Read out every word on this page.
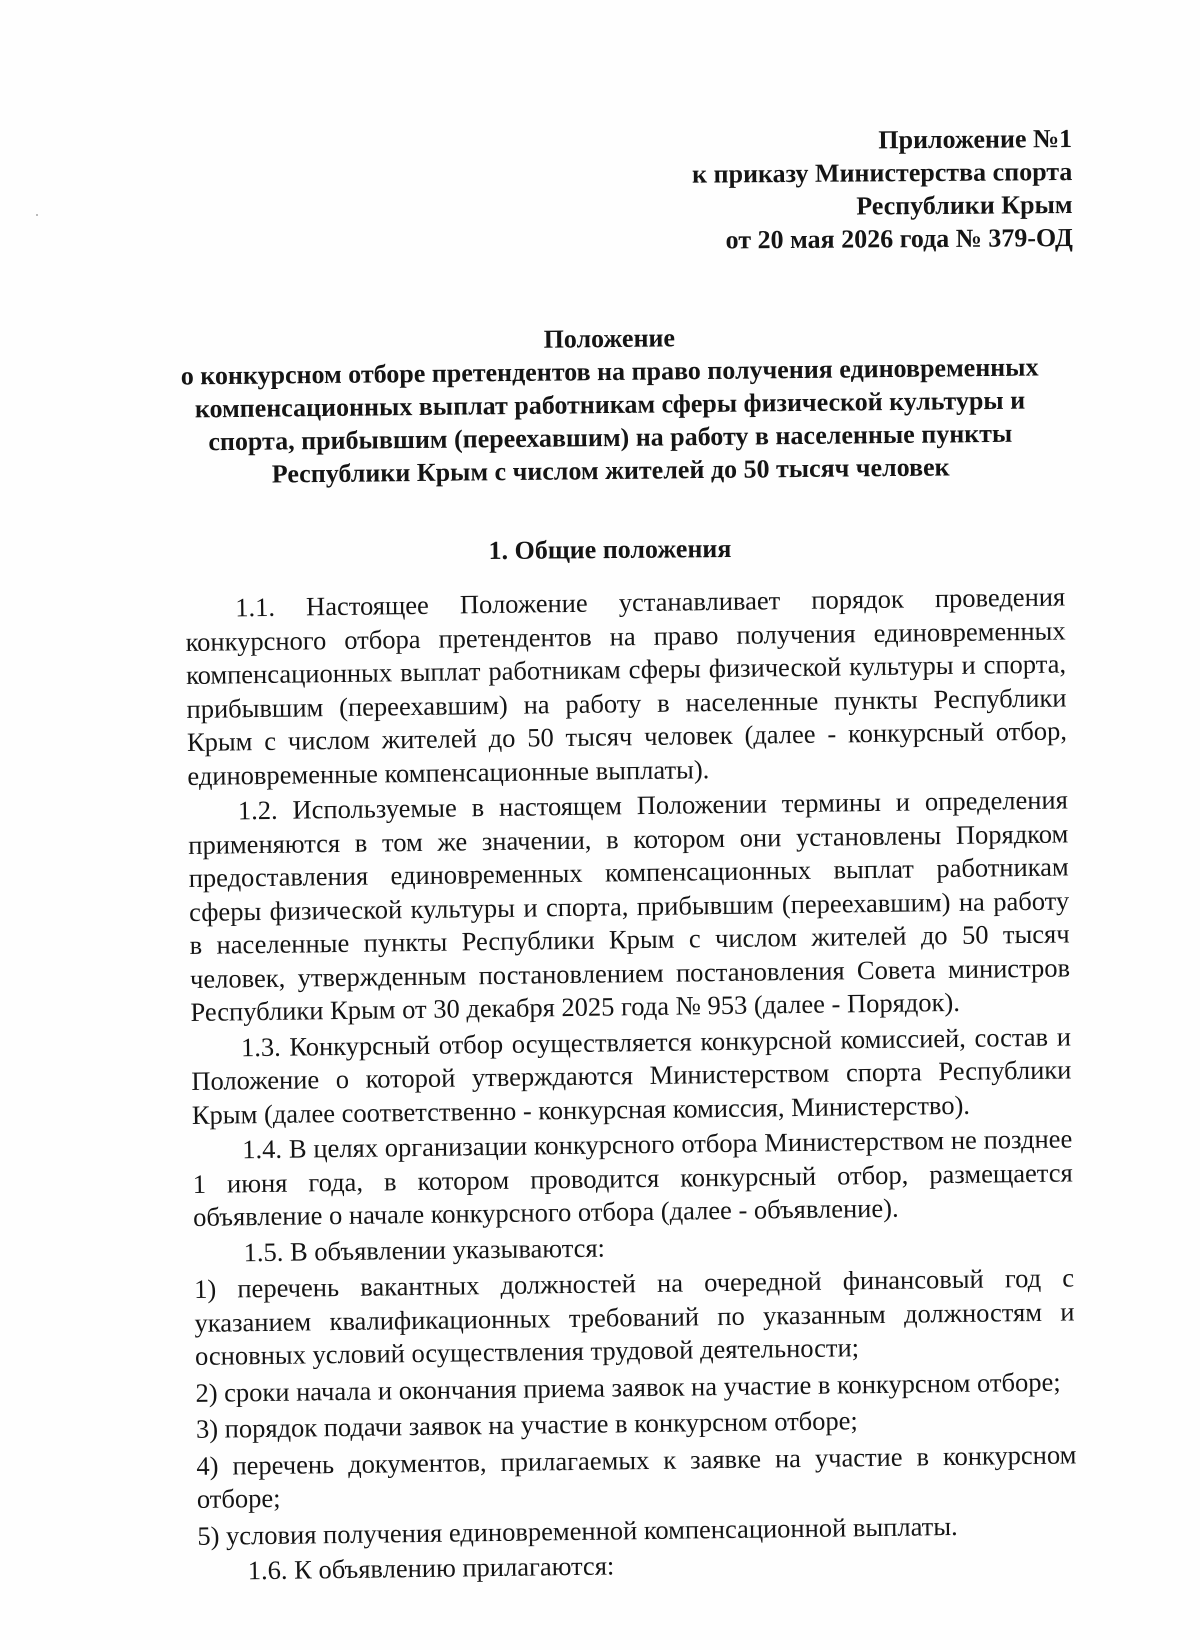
Приложение №1
к приказу Министерства спорта
Республики Крым
от 20 мая 2026 года № 379-ОД
Положение
о конкурсном отборе претендентов на право получения единовременных
компенсационных выплат работникам сферы физической культуры и
спорта, прибывшим (переехавшим) на работу в населенные пункты
Республики Крым с числом жителей до 50 тысяч человек
1. Общие положения

1.1. Настоящее Положение устанавливает порядок проведения конкурсного отбора претендентов на право получения единовременных компенсационных выплат работникам сферы физической культуры и спорта, прибывшим (переехавшим) на работу в населенные пункты Республики Крым с числом жителей до 50 тысяч человек (далее - конкурсный отбор, единовременные компенсационные выплаты).

1.2. Используемые в настоящем Положении термины и определения применяются в том же значении, в котором они установлены Порядком предоставления единовременных компенсационных выплат работникам сферы физической культуры и спорта, прибывшим (переехавшим) на работу в населенные пункты Республики Крым с числом жителей до 50 тысяч человек, утвержденным постановлением постановления Совета министров Республики Крым от 30 декабря 2025 года № 953 (далее - Порядок).

1.3. Конкурсный отбор осуществляется конкурсной комиссией, состав и Положение о которой утверждаются Министерством спорта Республики Крым (далее соответственно - конкурсная комиссия, Министерство).

1.4. В целях организации конкурсного отбора Министерством не позднее 1 июня года, в котором проводится конкурсный отбор, размещается объявление о начале конкурсного отбора (далее - объявление).

1.5. В объявлении указываются:

1) перечень вакантных должностей на очередной финансовый год с указанием квалификационных требований по указанным должностям и основных условий осуществления трудовой деятельности;

2) сроки начала и окончания приема заявок на участие в конкурсном отборе;

3) порядок подачи заявок на участие в конкурсном отборе;

4) перечень документов, прилагаемых к заявке на участие в конкурсном отборе;

5) условия получения единовременной компенсационной выплаты.

1.6. К объявлению прилагаются:
